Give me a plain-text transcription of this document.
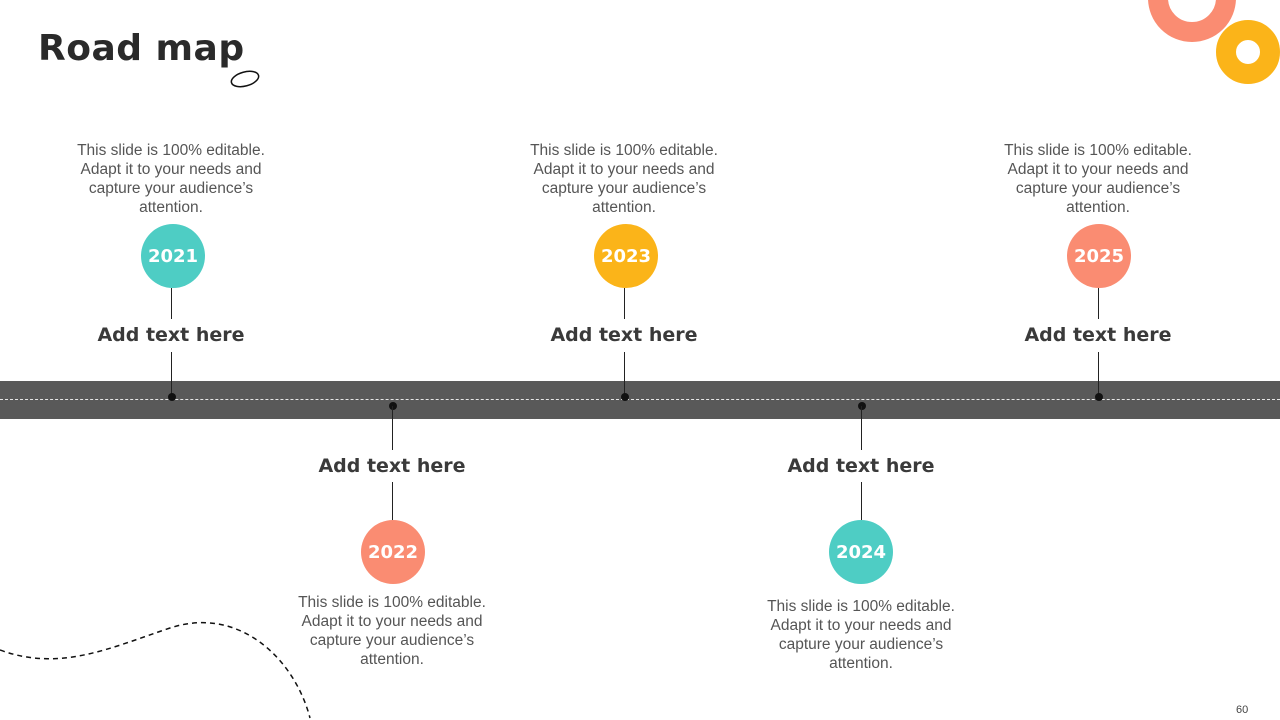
Road map
This slide is 100% editable. Adapt it to your needs and capture your audience’s attention.
2021
Add text here
This slide is 100% editable. Adapt it to your needs and capture your audience’s attention.
2023
Add text here
This slide is 100% editable. Adapt it to your needs and capture your audience’s attention.
2025
Add text here
Add text here
2022
This slide is 100% editable. Adapt it to your needs and capture your audience’s attention.
Add text here
2024
This slide is 100% editable. Adapt it to your needs and capture your audience’s attention.
60
